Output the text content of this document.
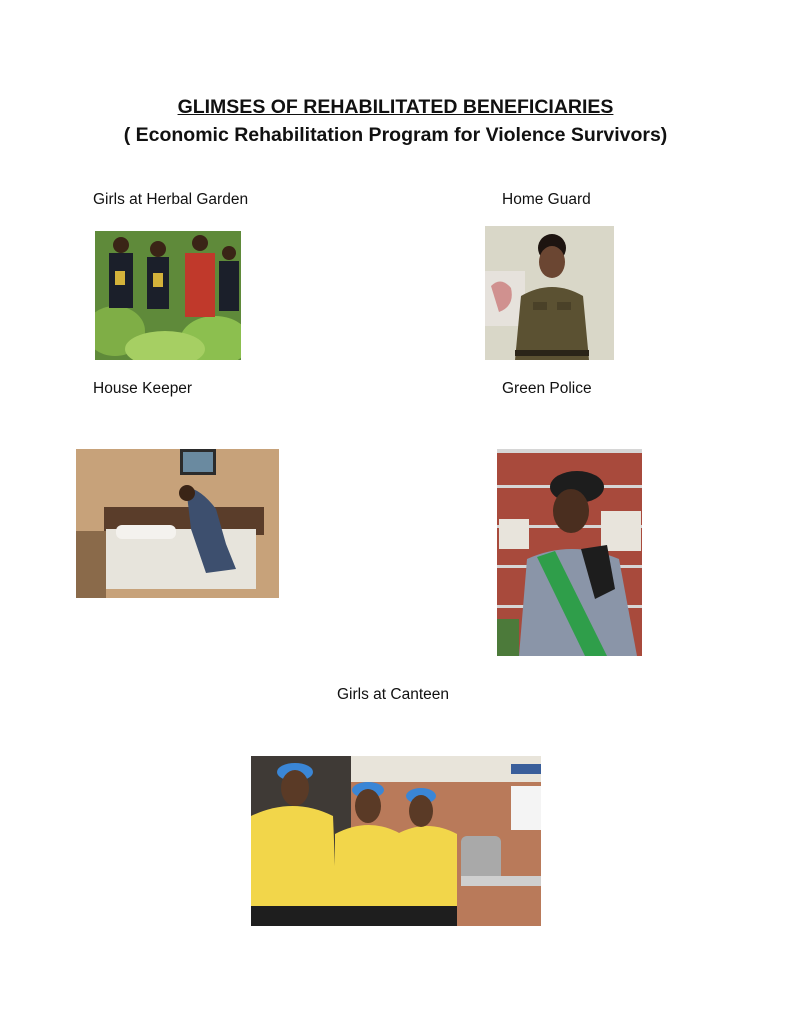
GLIMSES OF REHABILITATED BENEFICIARIES
( Economic Rehabilitation Program for Violence Survivors)
Girls at Herbal Garden	Home Guard
House Keeper	Green Police
Girls at Canteen
